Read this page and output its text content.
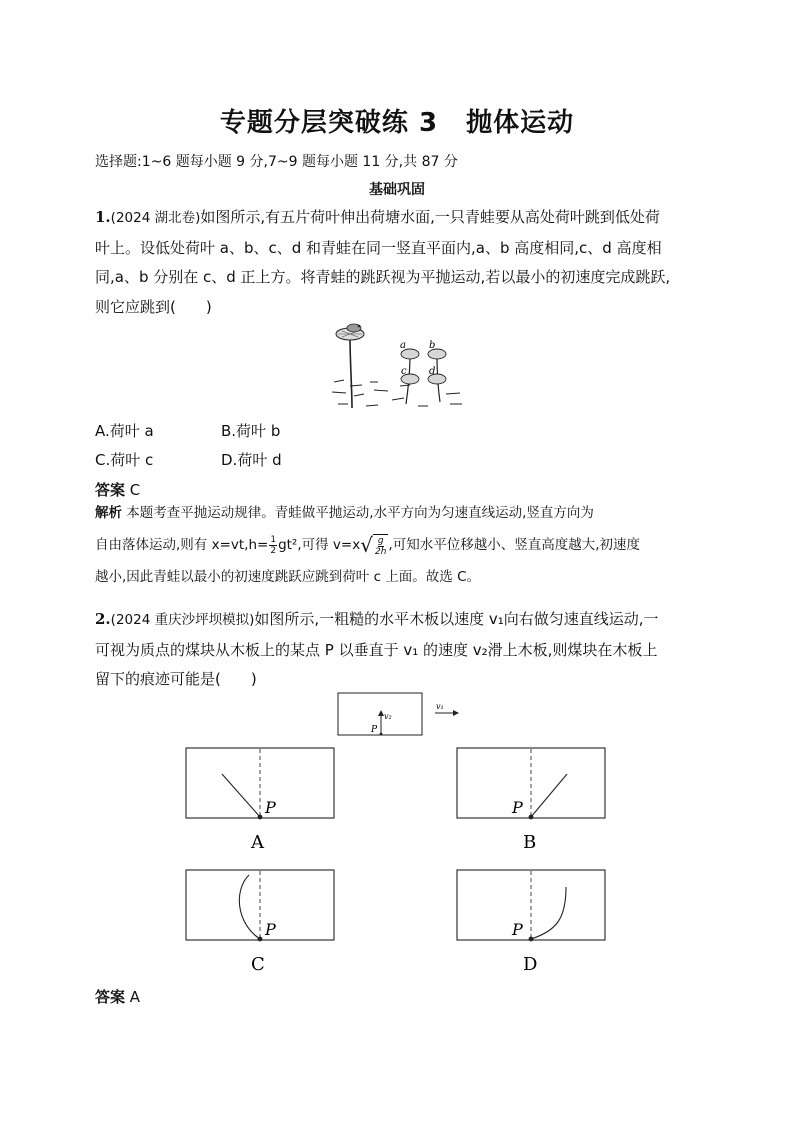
专题分层突破练 3 抛体运动
选择题:1~6 题每小题 9 分,7~9 题每小题 11 分,共 87 分
基础巩固
1.(2024 湖北卷)如图所示,有五片荷叶伸出荷塘水面,一只青蛙要从高处荷叶跳到低处荷
叶上。设低处荷叶 a、b、c、d 和青蛙在同一竖直平面内,a、b 高度相同,c、d 高度相
同,a、b 分别在 c、d 正上方。将青蛙的跳跃视为平抛运动,若以最小的初速度完成跳跃,
则它应跳到(　　)
a b
c d
A.荷叶 a	B.荷叶 b
C.荷叶 c	D.荷叶 d
答案 C
解析 本题考查平抛运动规律。青蛙做平抛运动,水平方向为匀速直线运动,竖直方向为
自由落体运动,则有 $x=vt,h= \frac{1}{2} gt^2$,可得 v=x √ g
2h ,可知水平位移越小、竖直高度越大,初速度
越小,因此青蛙以最小的初速度跳跃应跳到荷叶 c 上面。故选 C。
2.(2024 重庆沙坪坝模拟)如图所示,一粗糙的水平木板以速度 v₁向右做匀速直线运动,一
可视为质点的煤块从木板上的某点 P 以垂直于 v₁ 的速度 v₂滑上木板,则煤块在木板上
留下的痕迹可能是(　　)
v₂
P
v₁
P
A
P
B
P
C
P
D
答案 A
